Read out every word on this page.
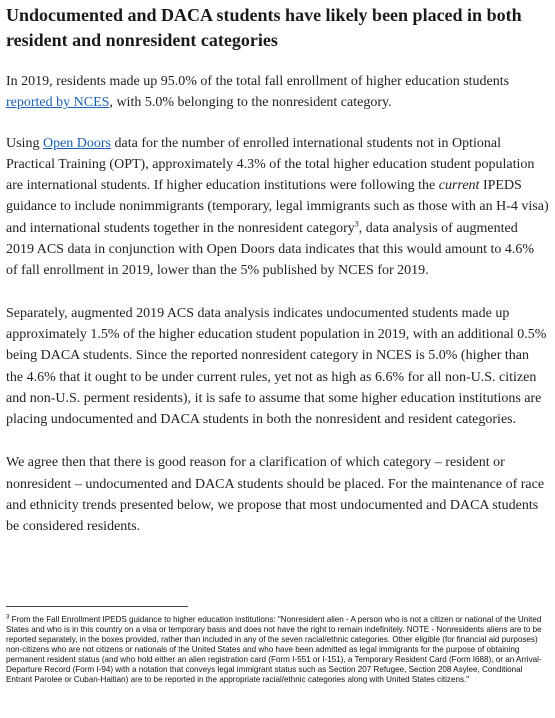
Undocumented and DACA students have likely been placed in both resident and nonresident categories

In 2019, residents made up 95.0% of the total fall enrollment of higher education students reported by NCES, with 5.0% belonging to the nonresident category.

Using Open Doors data for the number of enrolled international students not in Optional Practical Training (OPT), approximately 4.3% of the total higher education student population are international students. If higher education institutions were following the current IPEDS guidance to include nonimmigrants (temporary, legal immigrants such as those with an H-4 visa) and international students together in the nonresident category$^3$, data analysis of augmented 2019 ACS data in conjunction with Open Doors data indicates that this would amount to 4.6% of fall enrollment in 2019, lower than the 5% published by NCES for 2019.

Separately, augmented 2019 ACS data analysis indicates undocumented students made up approximately 1.5% of the higher education student population in 2019, with an additional 0.5% being DACA students. Since the reported nonresident category in NCES is 5.0% (higher than the 4.6% that it ought to be under current rules, yet not as high as 6.6% for all non-U.S. citizen and non-U.S. perment residents), it is safe to assume that some higher education institutions are placing undocumented and DACA students in both the nonresident and resident categories.

We agree then that there is good reason for a clarification of which category – resident or nonresident – undocumented and DACA students should be placed. For the maintenance of race and ethnicity trends presented below, we propose that most undocumented and DACA students be considered residents.

$^3$ From the Fall Enrollment IPEDS guidance to higher education institutions: "Nonresident alien - A person who is not a citizen or national of the United States and who is in this country on a visa or temporary basis and does not have the right to remain indefinitely. NOTE - Nonresidents aliens are to be reported separately, in the boxes provided, rather than included in any of the seven racial/ethnic categories. Other eligible (for financial aid purposes) non-citizens who are not citizens or nationals of the United States and who have been admitted as legal immigrants for the purpose of obtaining permanent resident status (and who hold either an alien registration card (Form I-551 or I-151), a Temporary Resident Card (Form I688), or an Arrival-Departure Record (Form I-94) with a notation that conveys legal immigrant status such as Section 207 Refugee, Section 208 Asylee, Conditional Entrant Parolee or Cuban-Haitian) are to be reported in the appropriate racial/ethnic categories along with United States citizens."
